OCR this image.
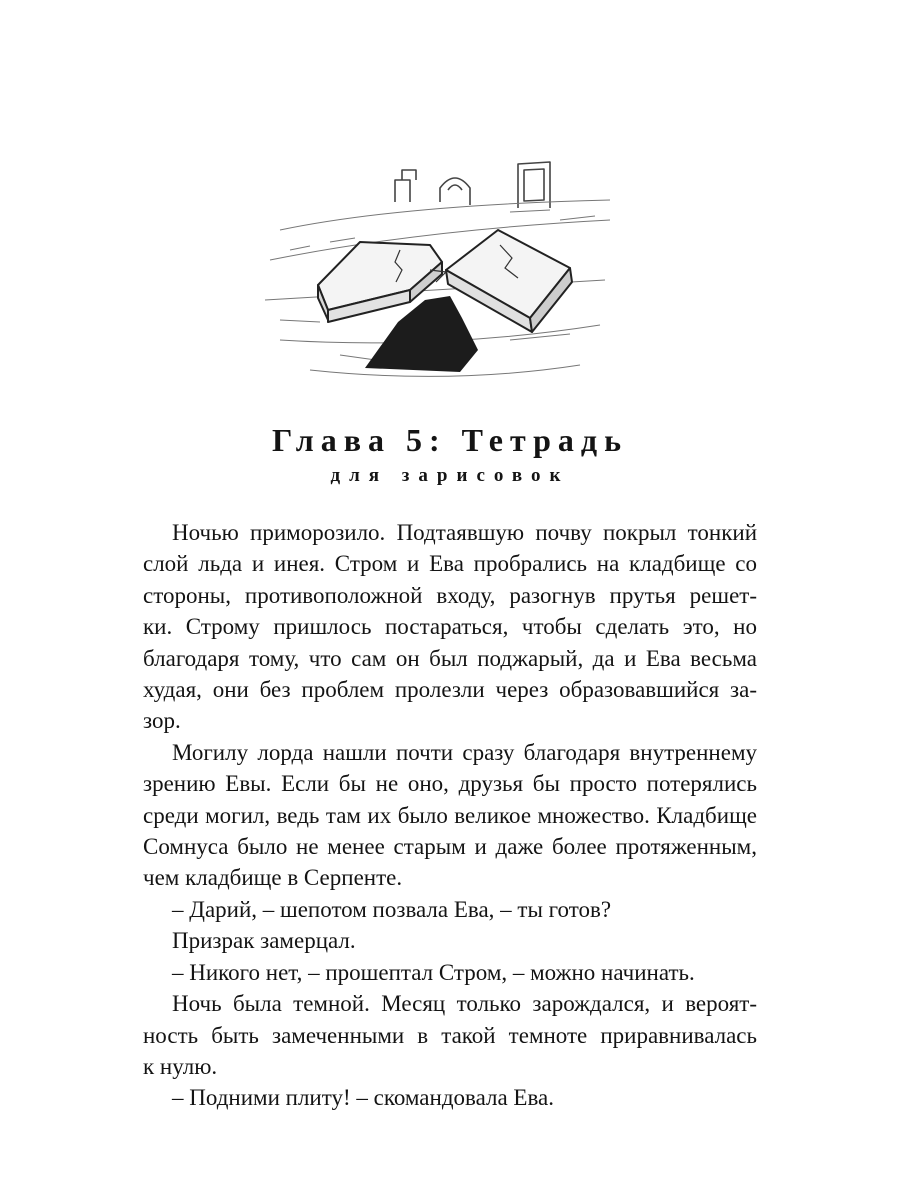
Глава 5: Тетрадь
для зарисовок

Ночью приморозило. Подтаявшую почву покрыл тонкий

слой льда и инея. Стром и Ева пробрались на кладбище со

стороны, противоположной входу, разогнув прутья решет-

ки. Строму пришлось постараться, чтобы сделать это, но

благодаря тому, что сам он был поджарый, да и Ева весьма

худая, они без проблем пролезли через образовавшийся за-

зор.

Могилу лорда нашли почти сразу благодаря внутреннему

зрению Евы. Если бы не оно, друзья бы просто потерялись

среди могил, ведь там их было великое множество. Кладбище

Сомнуса было не менее старым и даже более протяженным,

чем кладбище в Серпенте.

– Дарий, – шепотом позвала Ева, – ты готов?

Призрак замерцал.

– Никого нет, – прошептал Стром, – можно начинать.

Ночь была темной. Месяц только зарождался, и вероят-

ность быть замеченными в такой темноте приравнивалась

к нулю.

– Подними плиту! – скомандовала Ева.
